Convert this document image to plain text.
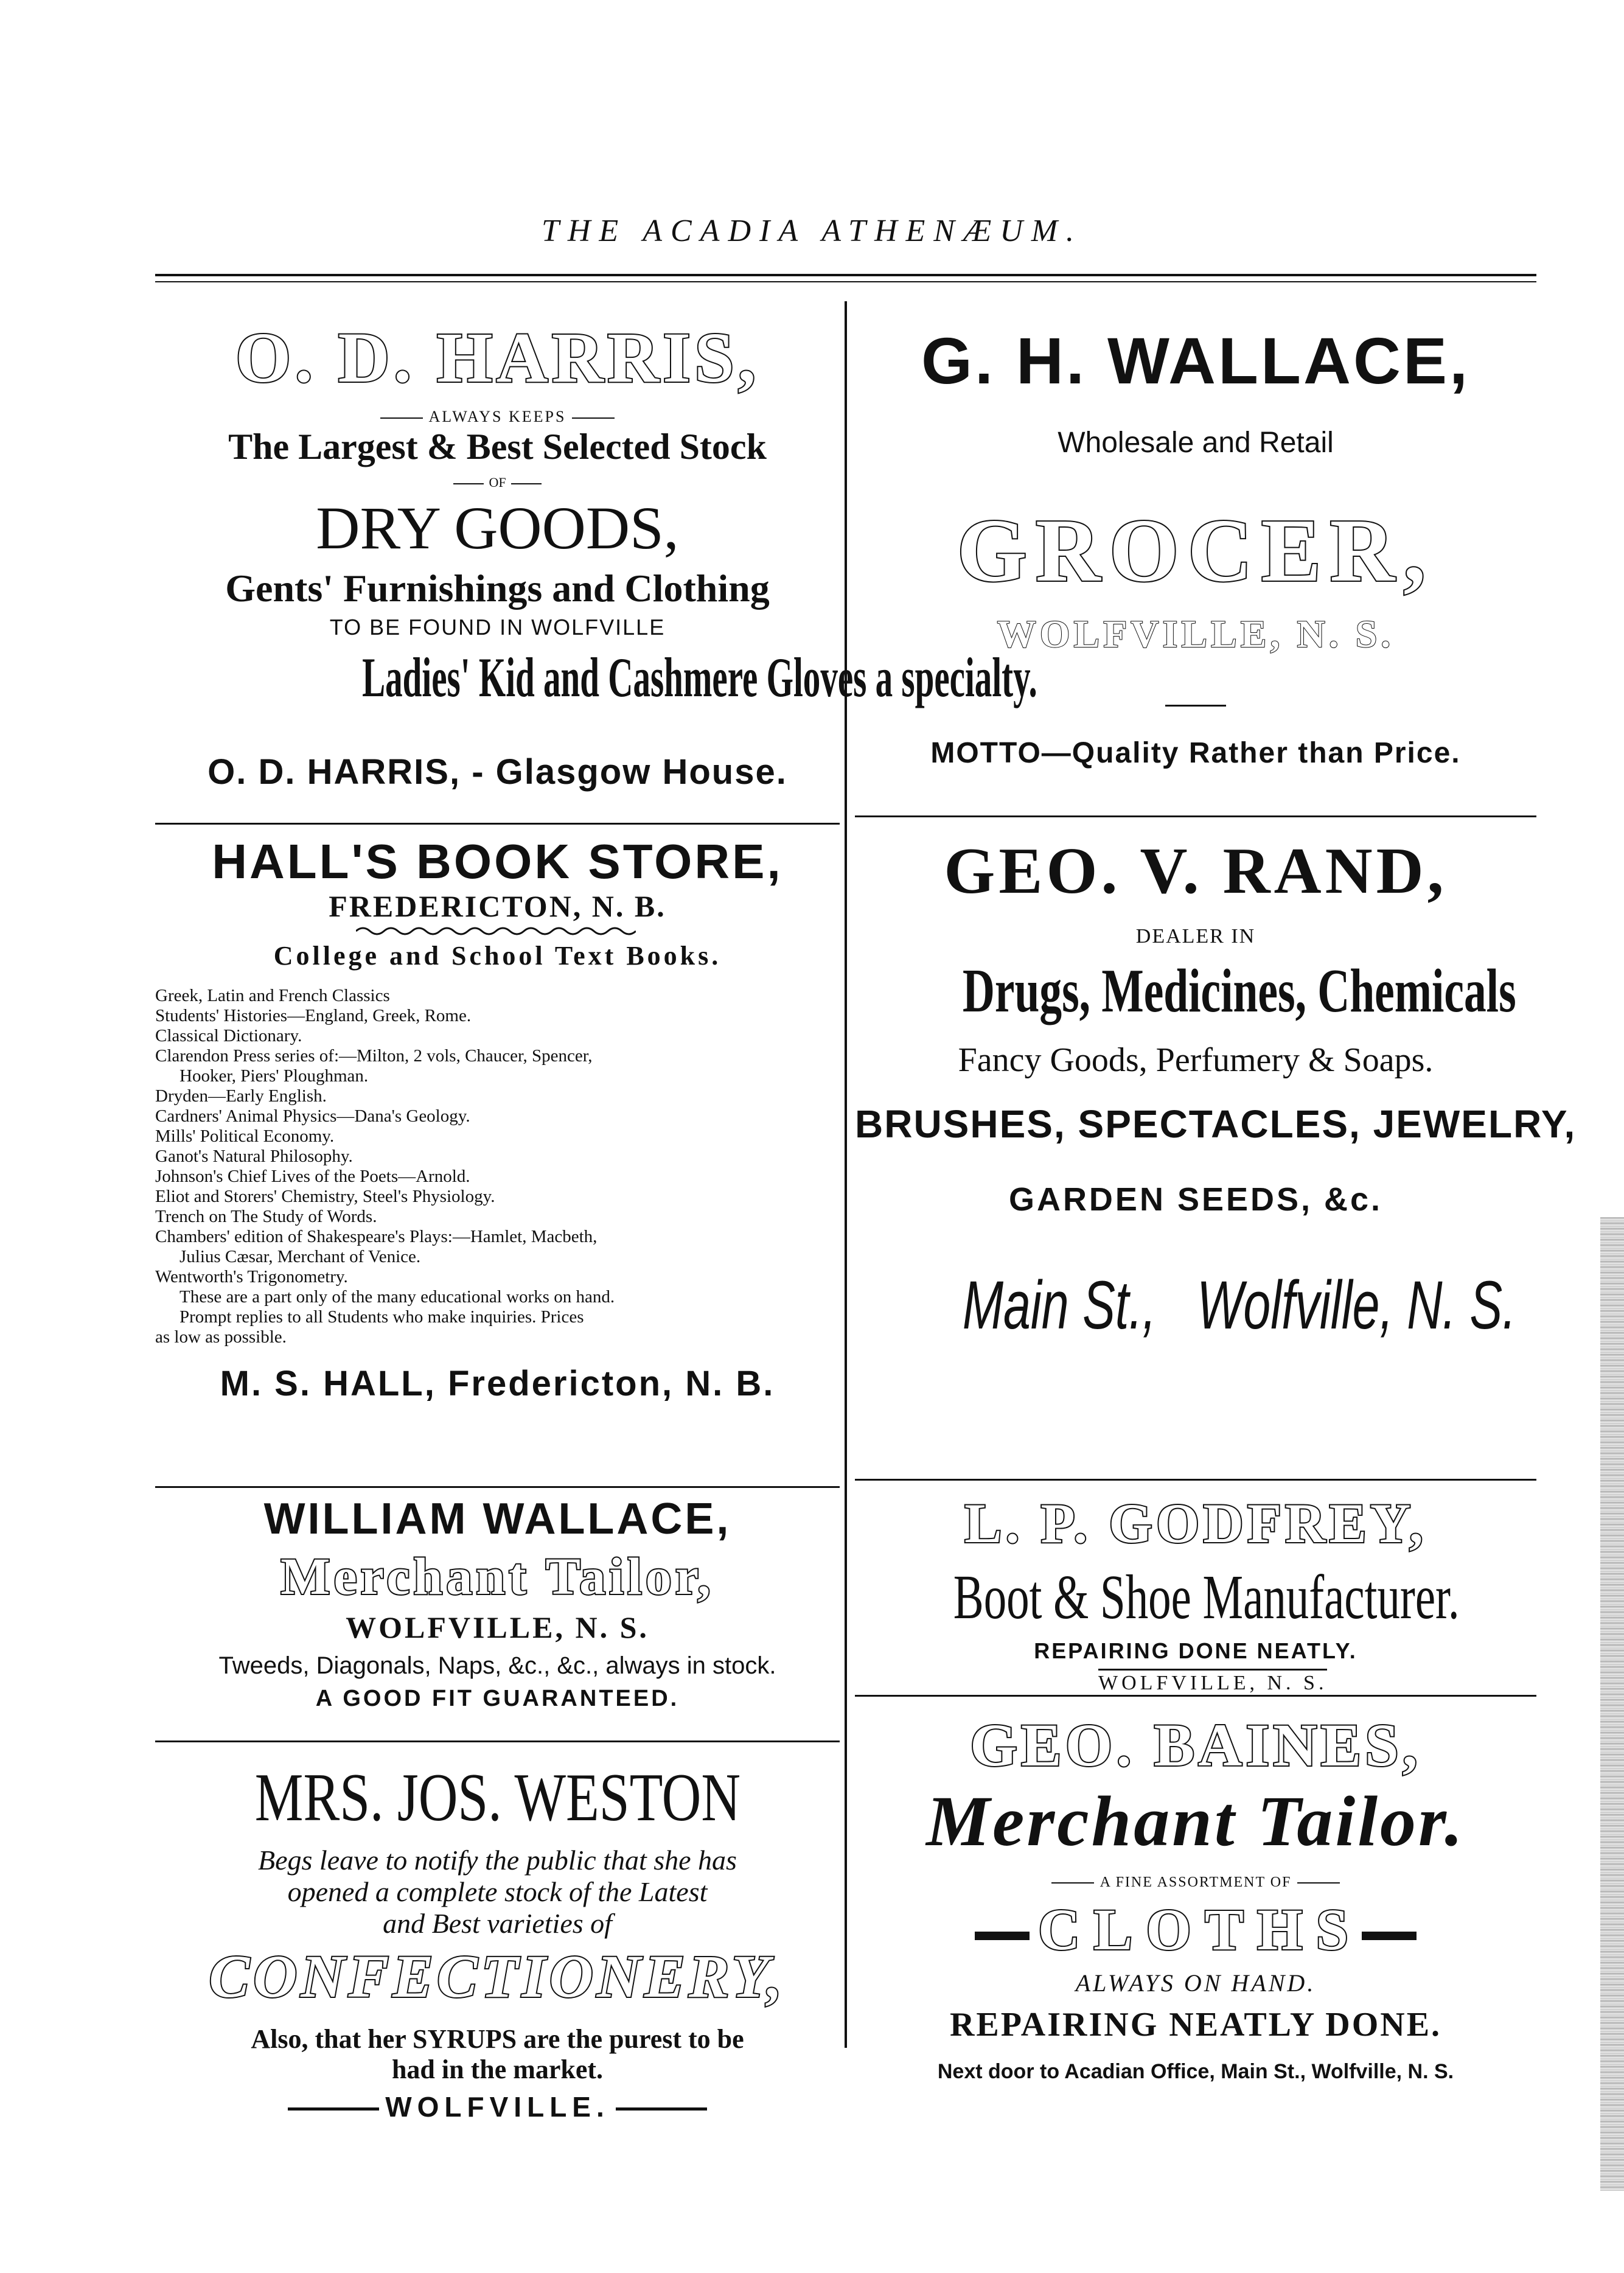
THE ACADIA ATHENÆUM.
O. D. HARRIS,
ALWAYS KEEPS
The Largest & Best Selected Stock
OF
DRY GOODS,
Gents' Furnishings and Clothing
TO BE FOUND IN WOLFVILLE
Ladies' Kid and Cashmere Gloves a specialty.
O. D. HARRIS, - Glasgow House.
HALL'S BOOK STORE,
FREDERICTON, N. B.
College and School Text Books.
Greek, Latin and French Classics
Students' Histories—England, Greek, Rome.
Classical Dictionary.
Clarendon Press series of:—Milton, 2 vols, Chaucer, Spencer,
Hooker, Piers' Ploughman.
Dryden—Early English.
Cardners' Animal Physics—Dana's Geology.
Mills' Political Economy.
Ganot's Natural Philosophy.
Johnson's Chief Lives of the Poets—Arnold.
Eliot and Storers' Chemistry, Steel's Physiology.
Trench on The Study of Words.
Chambers' edition of Shakespeare's Plays:—Hamlet, Macbeth,
Julius Cæsar, Merchant of Venice.
Wentworth's Trigonometry.
These are a part only of the many educational works on hand.
Prompt replies to all Students who make inquiries. Prices
as low as possible.
M. S. HALL, Fredericton, N. B.
WILLIAM WALLACE,
Merchant Tailor,
WOLFVILLE, N. S.
Tweeds, Diagonals, Naps, &c., &c., always in stock.
A GOOD FIT GUARANTEED.
MRS. JOS. WESTON
Begs leave to notify the public that she has
opened a complete stock of the Latest
and Best varieties of
CONFECTIONERY,
Also, that her SYRUPS are the purest to be
had in the market.
WOLFVILLE.
G. H. WALLACE,
Wholesale and Retail
GROCER,
WOLFVILLE, N. S.
MOTTO—Quality Rather than Price.
GEO. V. RAND,
DEALER IN
Drugs, Medicines, Chemicals
Fancy Goods, Perfumery & Soaps.
BRUSHES, SPECTACLES, JEWELRY,
GARDEN SEEDS, &c.
Main St.,   Wolfville, N. S.
L. P. GODFREY,
Boot & Shoe Manufacturer.
REPAIRING DONE NEATLY.
WOLFVILLE, N. S.
GEO. BAINES,
Merchant Tailor.
A FINE ASSORTMENT OF
CLOTHS
ALWAYS ON HAND.
REPAIRING NEATLY DONE.
Next door to Acadian Office, Main St., Wolfville, N. S.
